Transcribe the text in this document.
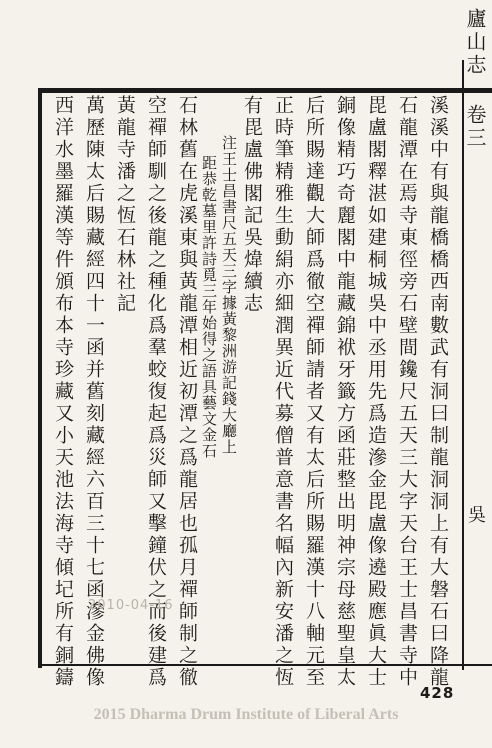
廬山志 卷三
吳
溪溪中有與龍橋橋西南數武有洞曰制龍洞洞上有大磐石曰降龍
石龍潭在焉寺東徑旁石壁間鑱尺五天三大字天台王士昌書寺中
毘盧閣釋湛如建桐城吳中丞用先爲造滲金毘盧像遶殿應眞大士
銅像精巧奇麗閣中龍藏錦袱牙籤方函莊整出明神宗母慈聖皇太
后所賜達觀大師爲徹空禪師請者又有太后所賜羅漢十八軸元至
正時筆精雅生動絹亦細潤異近代募僧普意書名幅內新安潘之恆
有毘盧佛閣記吳煒續志
注王士昌書尺五天三字據黃黎洲游記錢大廳上
距恭乾墓里許詩覓三年始得之語具藝文金石
石林舊在虎溪東與黃龍潭相近初潭之爲龍居也孤月禪師制之徹
空禪師馴之後龍之種化爲羣蛟復起爲災師又擊鐘伏之而後建爲
黃龍寺潘之恆石林社記
萬歷陳太后賜藏經四十一函并舊刻藏經六百三十七函滲金佛像
西洋水墨羅漢等件頒布本寺珍藏又小天池法海寺傾圮所有銅鑄 2010-04-16
428
2015 Dharma Drum Institute of Liberal Arts
